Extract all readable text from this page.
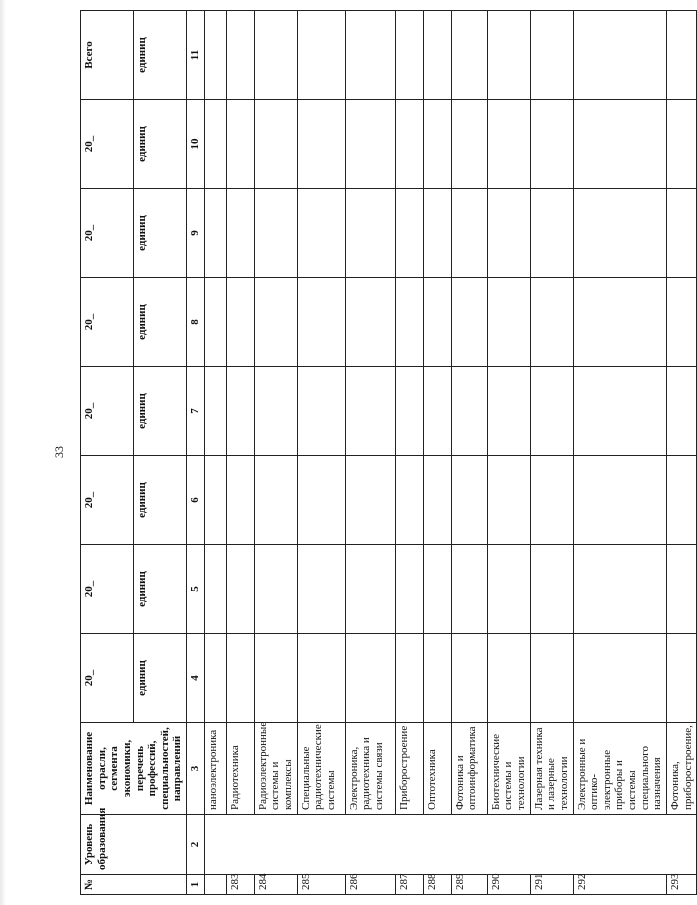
33
№	Уровень образования	Наименование отрасли, сегмента экономики, перечень профессий, специальностей, направлений	20_	20_	20_	20_	20_	20_	20_	Всего
			единиц	единиц	единиц	единиц	единиц	единиц	единиц	единиц
1	2	3	4	5	6	7	8	9	10	11
		наноэлектроника								
283		Радиотехника								
284		Радиоэлектронные системы и комплексы								
285		Специальные радиотехнические системы								
286		Электроника, радиотехника и системы связи								
287		Приборостроение								
288		Оптотехника								
289		Фотоника и оптоинформатика								
290		Биотехнические системы и технологии								
291		Лазерная техника и лазерные технологии								
292		Электронные и оптико-электронные приборы и системы специального назначения								
293		Фотоника, приборостроение,								
